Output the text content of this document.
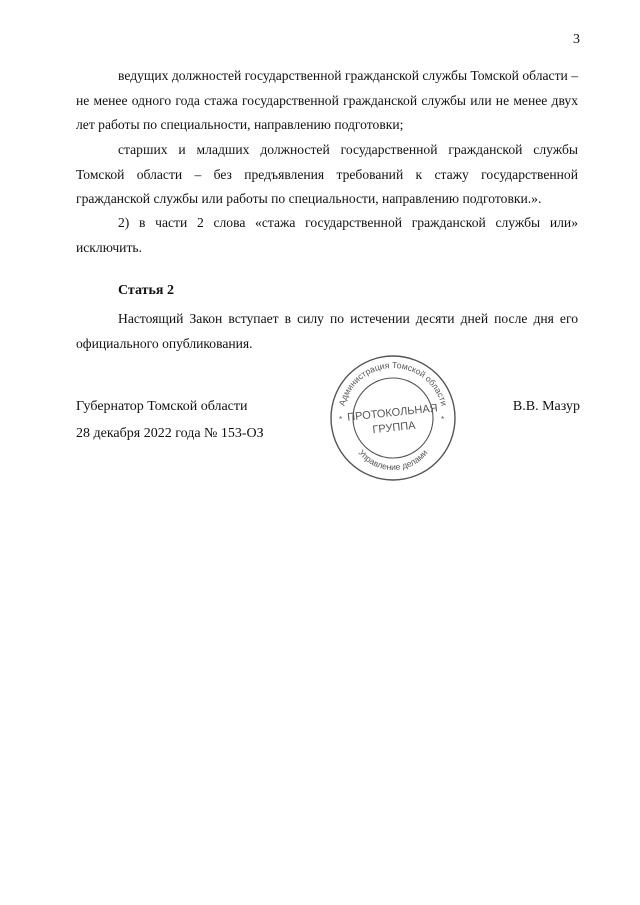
3

ведущих должностей государственной гражданской службы Томской области – не менее одного года стажа государственной гражданской службы или не менее двух лет работы по специальности, направлению подготовки;

старших и младших должностей государственной гражданской службы Томской области – без предъявления требований к стажу государственной гражданской службы или работы по специальности, направлению подготовки.».

2) в части 2 слова «стажа государственной гражданской службы или» исключить.

Статья 2

Настоящий Закон вступает в силу по истечении десяти дней после дня его официального опубликования.

Губернатор Томской области	В.В. Мазур
28 декабря 2022 года № 153-ОЗ
Администрация Томской области
Управление делами
*	*
ПРОТОКОЛЬНАЯ
ГРУППА
